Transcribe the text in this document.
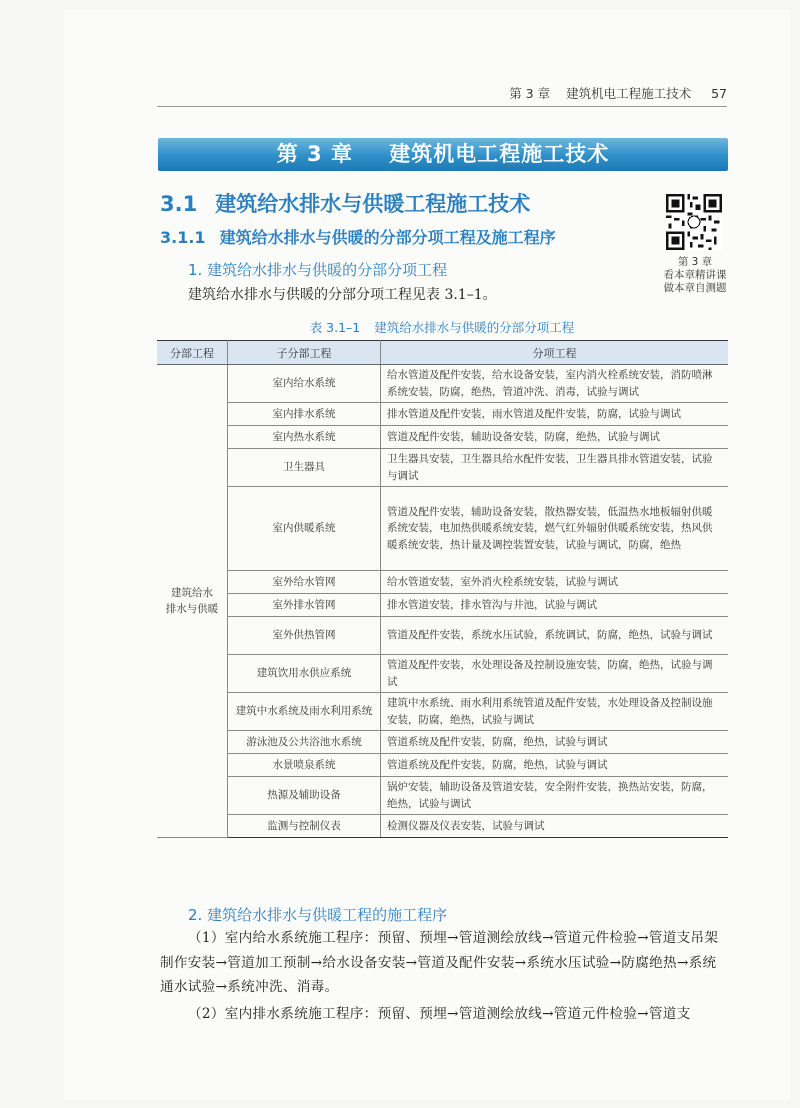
第 3 章 建筑机电工程施工技术 57
第 3 章 建筑机电工程施工技术
3.1 建筑给水排水与供暖工程施工技术
3.1.1 建筑给水排水与供暖的分部分项工程及施工程序
1. 建筑给水排水与供暖的分部分项工程
建筑给水排水与供暖的分部分项工程见表 3.1–1。
第 3 章
看本章精讲课
做本章自测题
表 3.1–1 建筑给水排水与供暖的分部分项工程
分部工程	子分部工程	分项工程
建筑给水
排水与供暖	室内给水系统	给水管道及配件安装，给水设备安装，室内消火栓系统安装，消防喷淋系统安装，防腐，绝热，管道冲洗、消毒，试验与调试
	室内排水系统	排水管道及配件安装，雨水管道及配件安装，防腐，试验与调试
	室内热水系统	管道及配件安装，辅助设备安装，防腐，绝热，试验与调试
	卫生器具	卫生器具安装，卫生器具给水配件安装，卫生器具排水管道安装，试验与调试
	室内供暖系统	管道及配件安装，辅助设备安装，散热器安装，低温热水地板辐射供暖系统安装，电加热供暖系统安装，燃气红外辐射供暖系统安装，热风供暖系统安装，热计量及调控装置安装，试验与调试，防腐，绝热
	室外给水管网	给水管道安装，室外消火栓系统安装，试验与调试
	室外排水管网	排水管道安装，排水管沟与井池，试验与调试
	室外供热管网	管道及配件安装，系统水压试验，系统调试，防腐，绝热，试验与调试
	建筑饮用水供应系统	管道及配件安装，水处理设备及控制设施安装，防腐，绝热，试验与调试
	建筑中水系统及雨水利用系统	建筑中水系统、雨水利用系统管道及配件安装，水处理设备及控制设施安装，防腐，绝热，试验与调试
	游泳池及公共浴池水系统	管道系统及配件安装，防腐，绝热，试验与调试
	水景喷泉系统	管道系统及配件安装，防腐，绝热，试验与调试
	热源及辅助设备	锅炉安装，辅助设备及管道安装，安全附件安装，换热站安装，防腐，绝热，试验与调试
	监测与控制仪表	检测仪器及仪表安装，试验与调试
2. 建筑给水排水与供暖工程的施工程序

（1）室内给水系统施工程序：预留、预埋→管道测绘放线→管道元件检验→管道支吊架制作安装→管道加工预制→给水设备安装→管道及配件安装→系统水压试验→防腐绝热→系统通水试验→系统冲洗、消毒。

（2）室内排水系统施工程序：预留、预埋→管道测绘放线→管道元件检验→管道支
